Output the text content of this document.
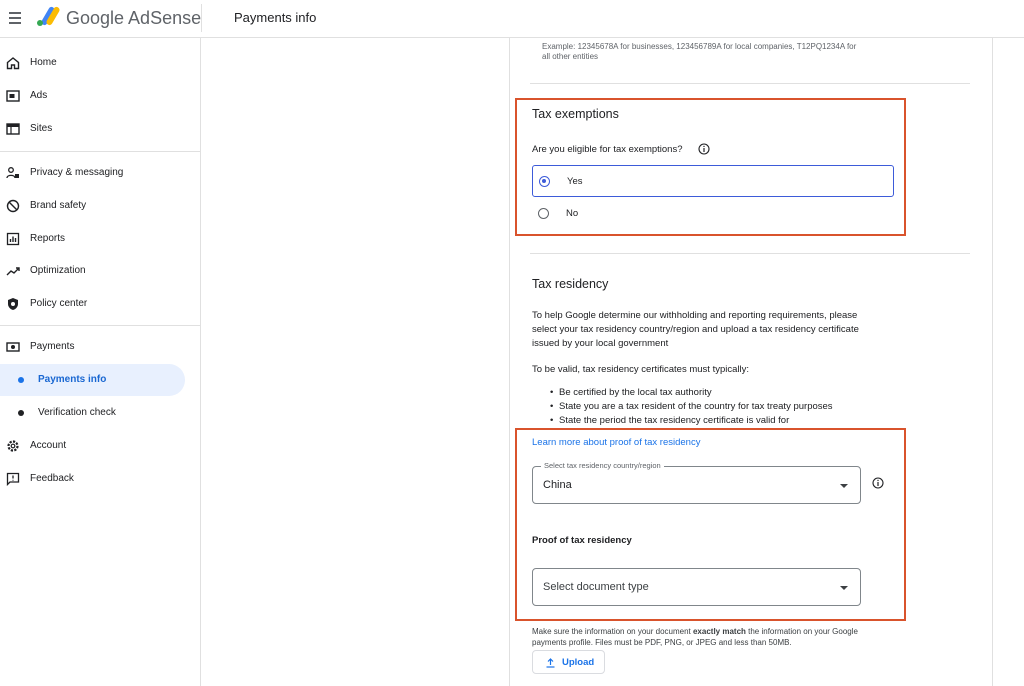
Google AdSense	Payments info
Home
Ads
Sites
Privacy & messaging
Brand safety
Reports
Optimization
Policy center
Payments
Payments info
Verification check
Account
Feedback
Example: 12345678A for businesses, 123456789A for local companies, T12PQ1234A for all other entities
Tax exemptions
Are you eligible for tax exemptions?
Yes
No
Tax residency
To help Google determine our withholding and reporting requirements, please select your tax residency country/region and upload a tax residency certificate issued by your local government
To be valid, tax residency certificates must typically:
• Be certified by the local tax authority
• State you are a tax resident of the country for tax treaty purposes
• State the period the tax residency certificate is valid for
Learn more about proof of tax residency
Select tax residency country/region
China
Proof of tax residency
Select document type
Make sure the information on your document exactly match the information on your Google payments profile. Files must be PDF, PNG, or JPEG and less than 50MB.
Upload
